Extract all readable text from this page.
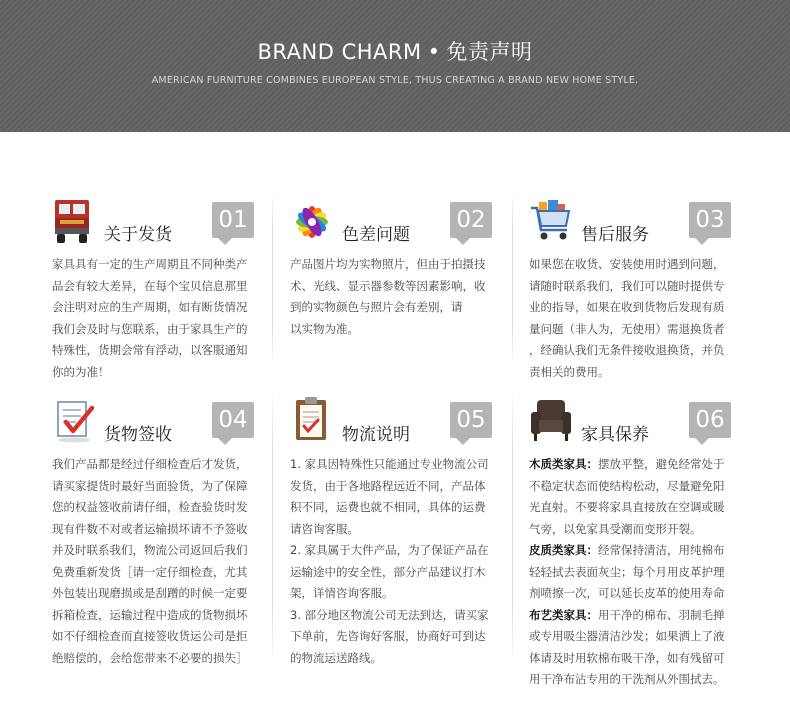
BRAND CHARM • 免责声明
AMERICAN FURNITURE COMBINES EUROPEAN STYLE, THUS CREATING A BRAND NEW HOME STYLE.
关于发货
01

家具具有一定的生产周期且不同种类产

品会有较大差异，在每个宝贝信息那里

会注明对应的生产周期，如有断货情况

我们会及时与您联系，由于家具生产的

特殊性，货期会常有浮动，以客服通知

你的为准！

色差问题
02

产品图片均为实物照片，但由于拍摄技

术、光线、显示器参数等因素影响，收

到的实物颜色与照片会有差别，请

以实物为准。

售后服务
03

如果您在收货、安装使用时遇到问题，

请随时联系我们，我们可以随时提供专

业的指导，如果在收到货物后发现有质

量问题（非人为，无使用）需退换货者

，经确认我们无条件接收退换货，并负

责相关的费用。

货物签收
04

我们产品都是经过仔细检查后才发货，

请买家提货时最好当面验货，为了保障

您的权益签收前请仔细，检查验货时发

现有件数不对或者运输损坏请不予签收

并及时联系我们，物流公司返回后我们

免费重新发货［请一定仔细检查，尤其

外包装出现磨损或是刮蹭的时候一定要

拆箱检查，运输过程中造成的货物损坏

如不仔细检查而直接签收货运公司是拒

绝赔偿的，会给您带来不必要的损失］

物流说明
05

1. 家具因特殊性只能通过专业物流公司

发货，由于各地路程远近不同，产品体

积不同，运费也就不相同，具体的运费

请咨询客服。

2. 家具属于大件产品，为了保证产品在

运输途中的安全性，部分产品建议打木

架，详情咨询客服。

3. 部分地区物流公司无法到达，请买家

下单前，先咨询好客服，协商好可到达

的物流运送路线。

家具保养
06

木质类家具：摆放平整，避免经常处于

不稳定状态而使结构松动，尽量避免阳

光直射。不要将家具直接放在空调或暖

气旁，以免家具受潮而变形开裂。

皮质类家具：经常保持清洁，用纯棉布

轻轻拭去表面灰尘；每个月用皮革护理

剂喷擦一次，可以延长皮革的使用寿命

布艺类家具：用干净的棉布、羽制毛掸

或专用吸尘器清洁沙发；如果洒上了液

体请及时用软棉布吸干净，如有残留可

用干净布沾专用的干洗剂从外围拭去。
